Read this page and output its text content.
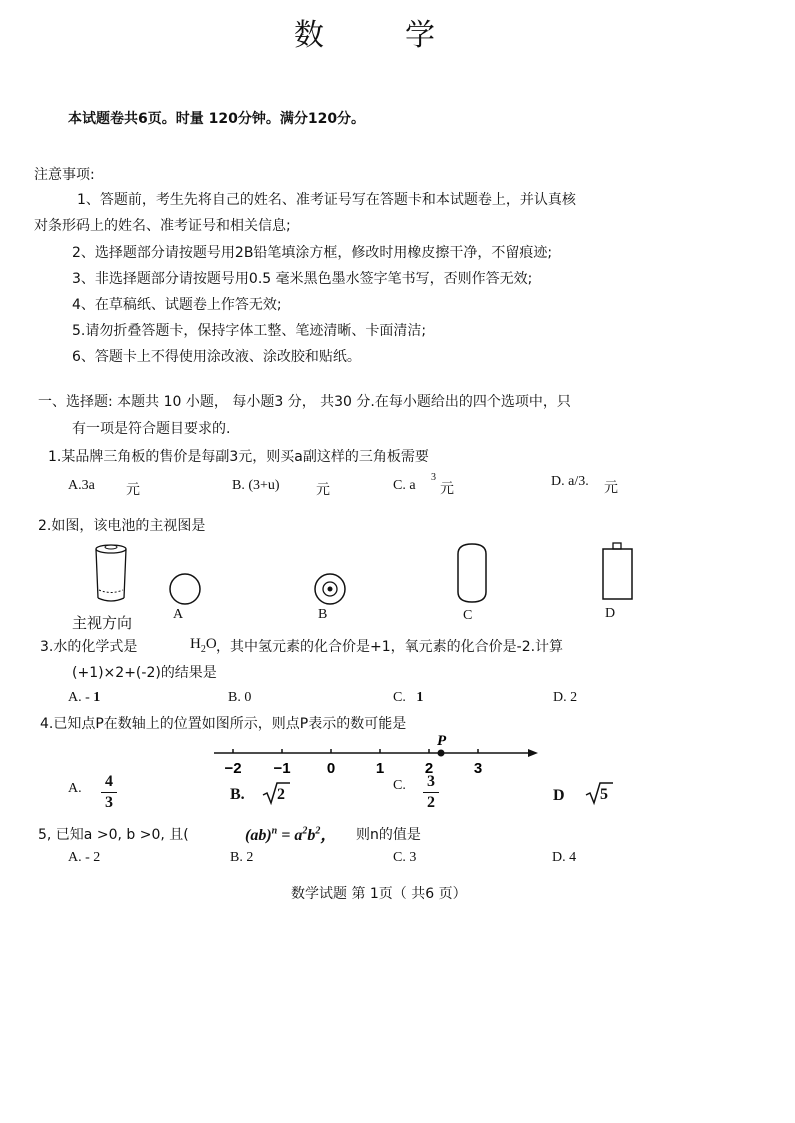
数	学
本试题卷共6页。时量 120分钟。满分120分。
注意事项:
1、答题前，考生先将自己的姓名、准考证号写在答题卡和本试题卷上，并认真核
对条形码上的姓名、准考证号和相关信息;
2、选择题部分请按题号用2B铅笔填涂方框，修改时用橡皮擦干净，不留痕迹;
3、非选择题部分请按题号用0.5 毫米黑色墨水签字笔书写，否则作答无效;
4、在草稿纸、试题卷上作答无效;
5.请勿折叠答题卡，保持字体工整、笔迹清晰、卡面清洁;
6、答题卡上不得使用涂改液、涂改胶和贴纸。
一、选择题: 本题共 10 小题， 每小题3 分， 共30 分.在每小题给出的四个选项中，只
有一项是符合题目要求的.
1.某品牌三角板的售价是每副3元，则买a副这样的三角板需要
A.3a 元	B. (3+u)	元	C. a
3
元	D. a/3. 元
2.如图，该电池的主视图是
主视方向	A	B	C	D
3.水的化学式是	$H_2O$ ，其中氢元素的化合价是+1，氧元素的化合价是-2.计算
(+1)×2+(-2)的结果是
A. - 1	B. 0	C. 1	D. 2
4.已知点P在数轴上的位置如图所示，则点P表示的数可能是
−2 −1 0	1	2	3
P
4
3
A.	B. 2
C. 3
2	D 5
5, 已知a >0, b >0, 且(	$(ab)^n = a^2b^2$， 则n的值是
A. - 2	B. 2	C. 3	D. 4
数学试题 第 1页（ 共6 页）
